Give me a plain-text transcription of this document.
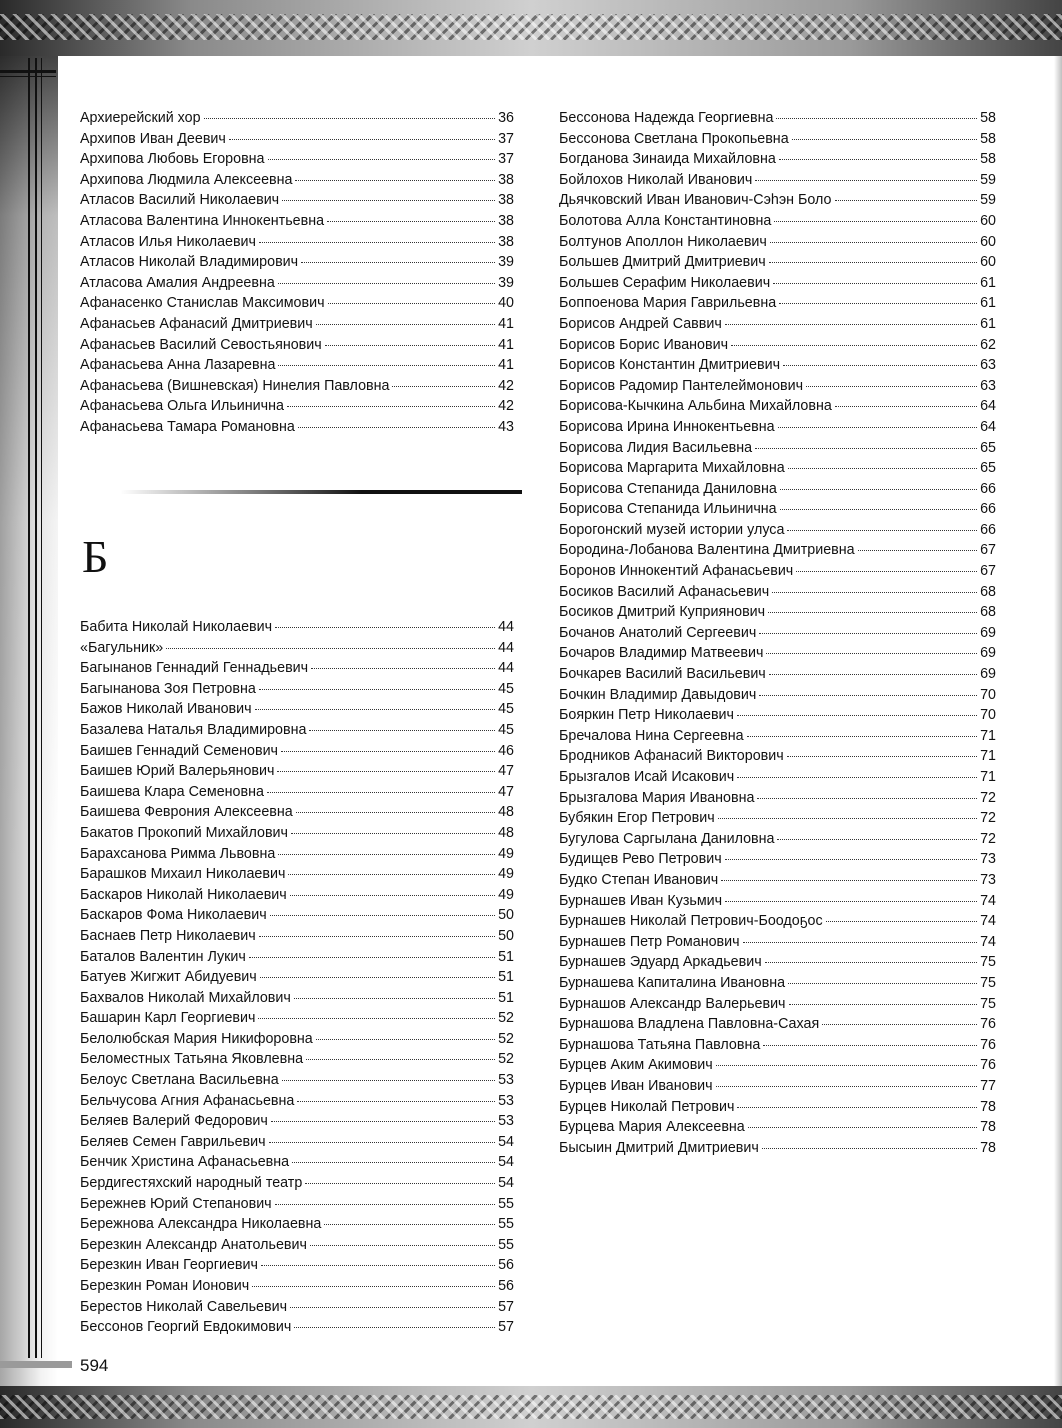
Архиерейский хор	36
Архипов Иван Деевич	37
Архипова Любовь Егоровна	37
Архипова Людмила Алексеевна	38
Атласов Василий Николаевич	38
Атласова Валентина Иннокентьевна	38
Атласов Илья Николаевич	38
Атласов Николай Владимирович	39
Атласова Амалия Андреевна	39
Афанасенко Станислав Максимович	40
Афанасьев Афанасий Дмитриевич	41
Афанасьев Василий Севостьянович	41
Афанасьева Анна Лазаревна	41
Афанасьева (Вишневская) Нинелия Павловна	42
Афанасьева Ольга Ильинична	42
Афанасьева Тамара Романовна	43
Б
Бабита Николай Николаевич	44
«Багульник»	44
Багынанов Геннадий Геннадьевич	44
Багынанова Зоя Петровна	45
Бажов Николай Иванович	45
Базалева Наталья Владимировна	45
Баишев Геннадий Семенович	46
Баишев Юрий Валерьянович	47
Баишева Клара Семеновна	47
Баишева Феврония Алексеевна	48
Бакатов Прокопий Михайлович	48
Барахсанова Римма Львовна	49
Барашков Михаил Николаевич	49
Баскаров Николай Николаевич	49
Баскаров Фома Николаевич	50
Баснаев Петр Николаевич	50
Баталов Валентин Лукич	51
Батуев Жигжит Абидуевич	51
Бахвалов Николай Михайлович	51
Башарин Карл Георгиевич	52
Белолюбская Мария Никифоровна	52
Беломестных Татьяна Яковлевна	52
Белоус Светлана Васильевна	53
Бельчусова Агния Афанасьевна	53
Беляев Валерий Федорович	53
Беляев Семен Гаврильевич	54
Бенчик Христина Афанасьевна	54
Бердигестяхский народный театр	54
Бережнев Юрий Степанович	55
Бережнова Александра Николаевна	55
Березкин Александр Анатольевич	55
Березкин Иван Георгиевич	56
Березкин Роман Ионович	56
Берестов Николай Савельевич	57
Бессонов Георгий Евдокимович	57
Бессонова Надежда Георгиевна	58
Бессонова Светлана Прокопьевна	58
Богданова Зинаида Михайловна	58
Бойлохов Николай Иванович	59
Дьячковский Иван Иванович-Сэһэн Боло	59
Болотова Алла Константиновна	60
Болтунов Аполлон Николаевич	60
Большев Дмитрий Дмитриевич	60
Большев Серафим Николаевич	61
Боппоенова Мария Гаврильевна	61
Борисов Андрей Саввич	61
Борисов Борис Иванович	62
Борисов Константин Дмитриевич	63
Борисов Радомир Пантелеймонович	63
Борисова-Кычкина Альбина Михайловна	64
Борисова Ирина Иннокентьевна	64
Борисова Лидия Васильевна	65
Борисова Маргарита Михайловна	65
Борисова Степанида Даниловна	66
Борисова Степанида Ильинична	66
Борогонский музей истории улуса	66
Бородина-Лобанова Валентина Дмитриевна	67
Боронов Иннокентий Афанасьевич	67
Босиков Василий Афанасьевич	68
Босиков Дмитрий Куприянович	68
Бочанов Анатолий Сергеевич	69
Бочаров Владимир Матвеевич	69
Бочкарев Василий Васильевич	69
Бочкин Владимир Давыдович	70
Бояркин Петр Николаевич	70
Бречалова Нина Сергеевна	71
Бродников Афанасий Викторович	71
Брызгалов Исай Исакович	71
Брызгалова Мария Ивановна	72
Бубякин Егор Петрович	72
Бугулова Саргылана Даниловна	72
Будищев Рево Петрович	73
Будко Степан Иванович	73
Бурнашев Иван Кузьмич	74
Бурнашев Николай Петрович-Боодоҕос	74
Бурнашев Петр Романович	74
Бурнашев Эдуард Аркадьевич	75
Бурнашева Капиталина Ивановна	75
Бурнашов Александр Валерьевич	75
Бурнашова Владлена Павловна-Сахая	76
Бурнашова Татьяна Павловна	76
Бурцев Аким Акимович	76
Бурцев Иван Иванович	77
Бурцев Николай Петрович	78
Бурцева Мария Алексеевна	78
Бысыин Дмитрий Дмитриевич	78
594
